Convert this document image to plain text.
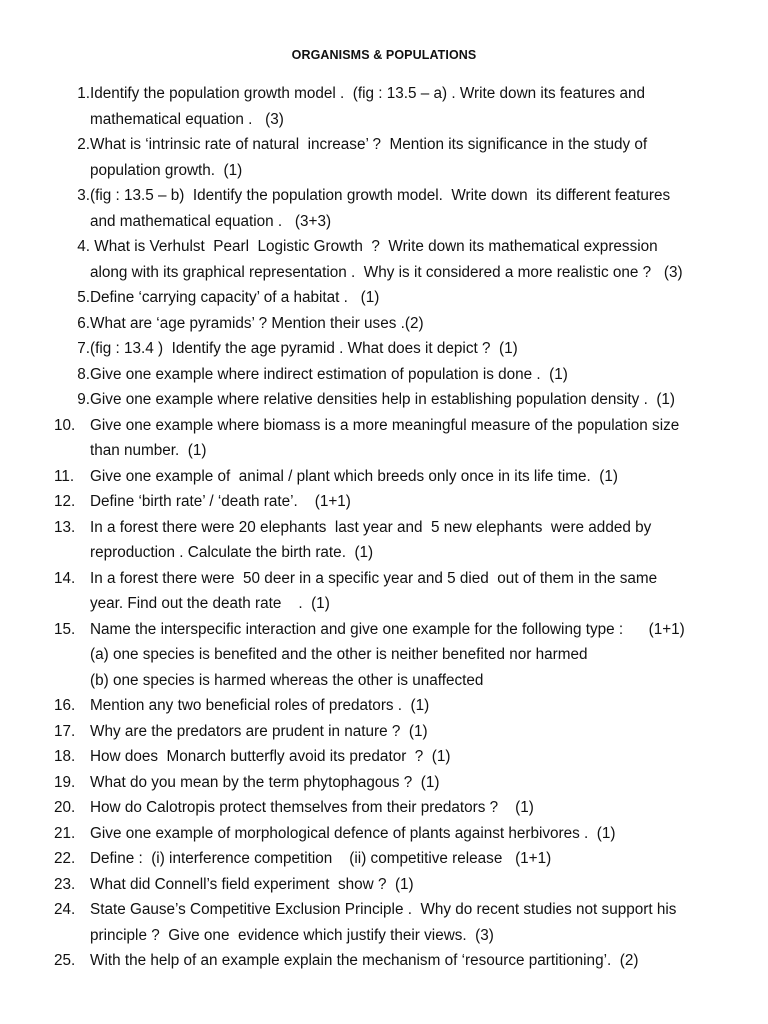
ORGANISMS & POPULATIONS
1. Identify the population growth model .  (fig : 13.5 – a) . Write down its features and
mathematical equation .   (3)
2. What is ‘intrinsic rate of natural  increase’ ?  Mention its significance in the study of
population growth.  (1)
3. (fig : 13.5 – b)  Identify the population growth model.  Write down  its different features
and mathematical equation .   (3+3)
4. What is Verhulst  Pearl  Logistic Growth  ?  Write down its mathematical expression
along with its graphical representation .  Why is it considered a more realistic one ?   (3)
5. Define ‘carrying capacity’ of a habitat .   (1)
6. What are ‘age pyramids’ ? Mention their uses .(2)
7. (fig : 13.4 )  Identify the age pyramid . What does it depict ?  (1)
8. Give one example where indirect estimation of population is done .  (1)
9. Give one example where relative densities help in establishing population density .  (1)
10. Give one example where biomass is a more meaningful measure of the population size
than number.  (1)
11.	Give one example of  animal / plant which breeds only once in its life time.  (1)
12. Define ‘birth rate’ / ‘death rate’.    (1+1)
13. In a forest there were 20 elephants  last year and  5 new elephants  were added by
reproduction . Calculate the birth rate.  (1)
14. In a forest there were  50 deer in a specific year and 5 died  out of them in the same
year. Find out the death rate    .  (1)
15. Name the interspecific interaction and give one example for the following type :      (1+1)
(a) one species is benefited and the other is neither benefited nor harmed
(b) one species is harmed whereas the other is unaffected
16. Mention any two beneficial roles of predators .  (1)
17. Why are the predators are prudent in nature ?  (1)
18. How does  Monarch butterfly avoid its predator  ?  (1)
19. What do you mean by the term phytophagous ?  (1)
20. How do Calotropis protect themselves from their predators ?    (1)
21. Give one example of morphological defence of plants against herbivores .  (1)
22. Define :  (i) interference competition    (ii) competitive release   (1+1)
23. What did Connell’s field experiment  show ?  (1)
24. State Gause’s Competitive Exclusion Principle .  Why do recent studies not support his
principle ?  Give one  evidence which justify their views.  (3)
25. With the help of an example explain the mechanism of ‘resource partitioning’.  (2)
